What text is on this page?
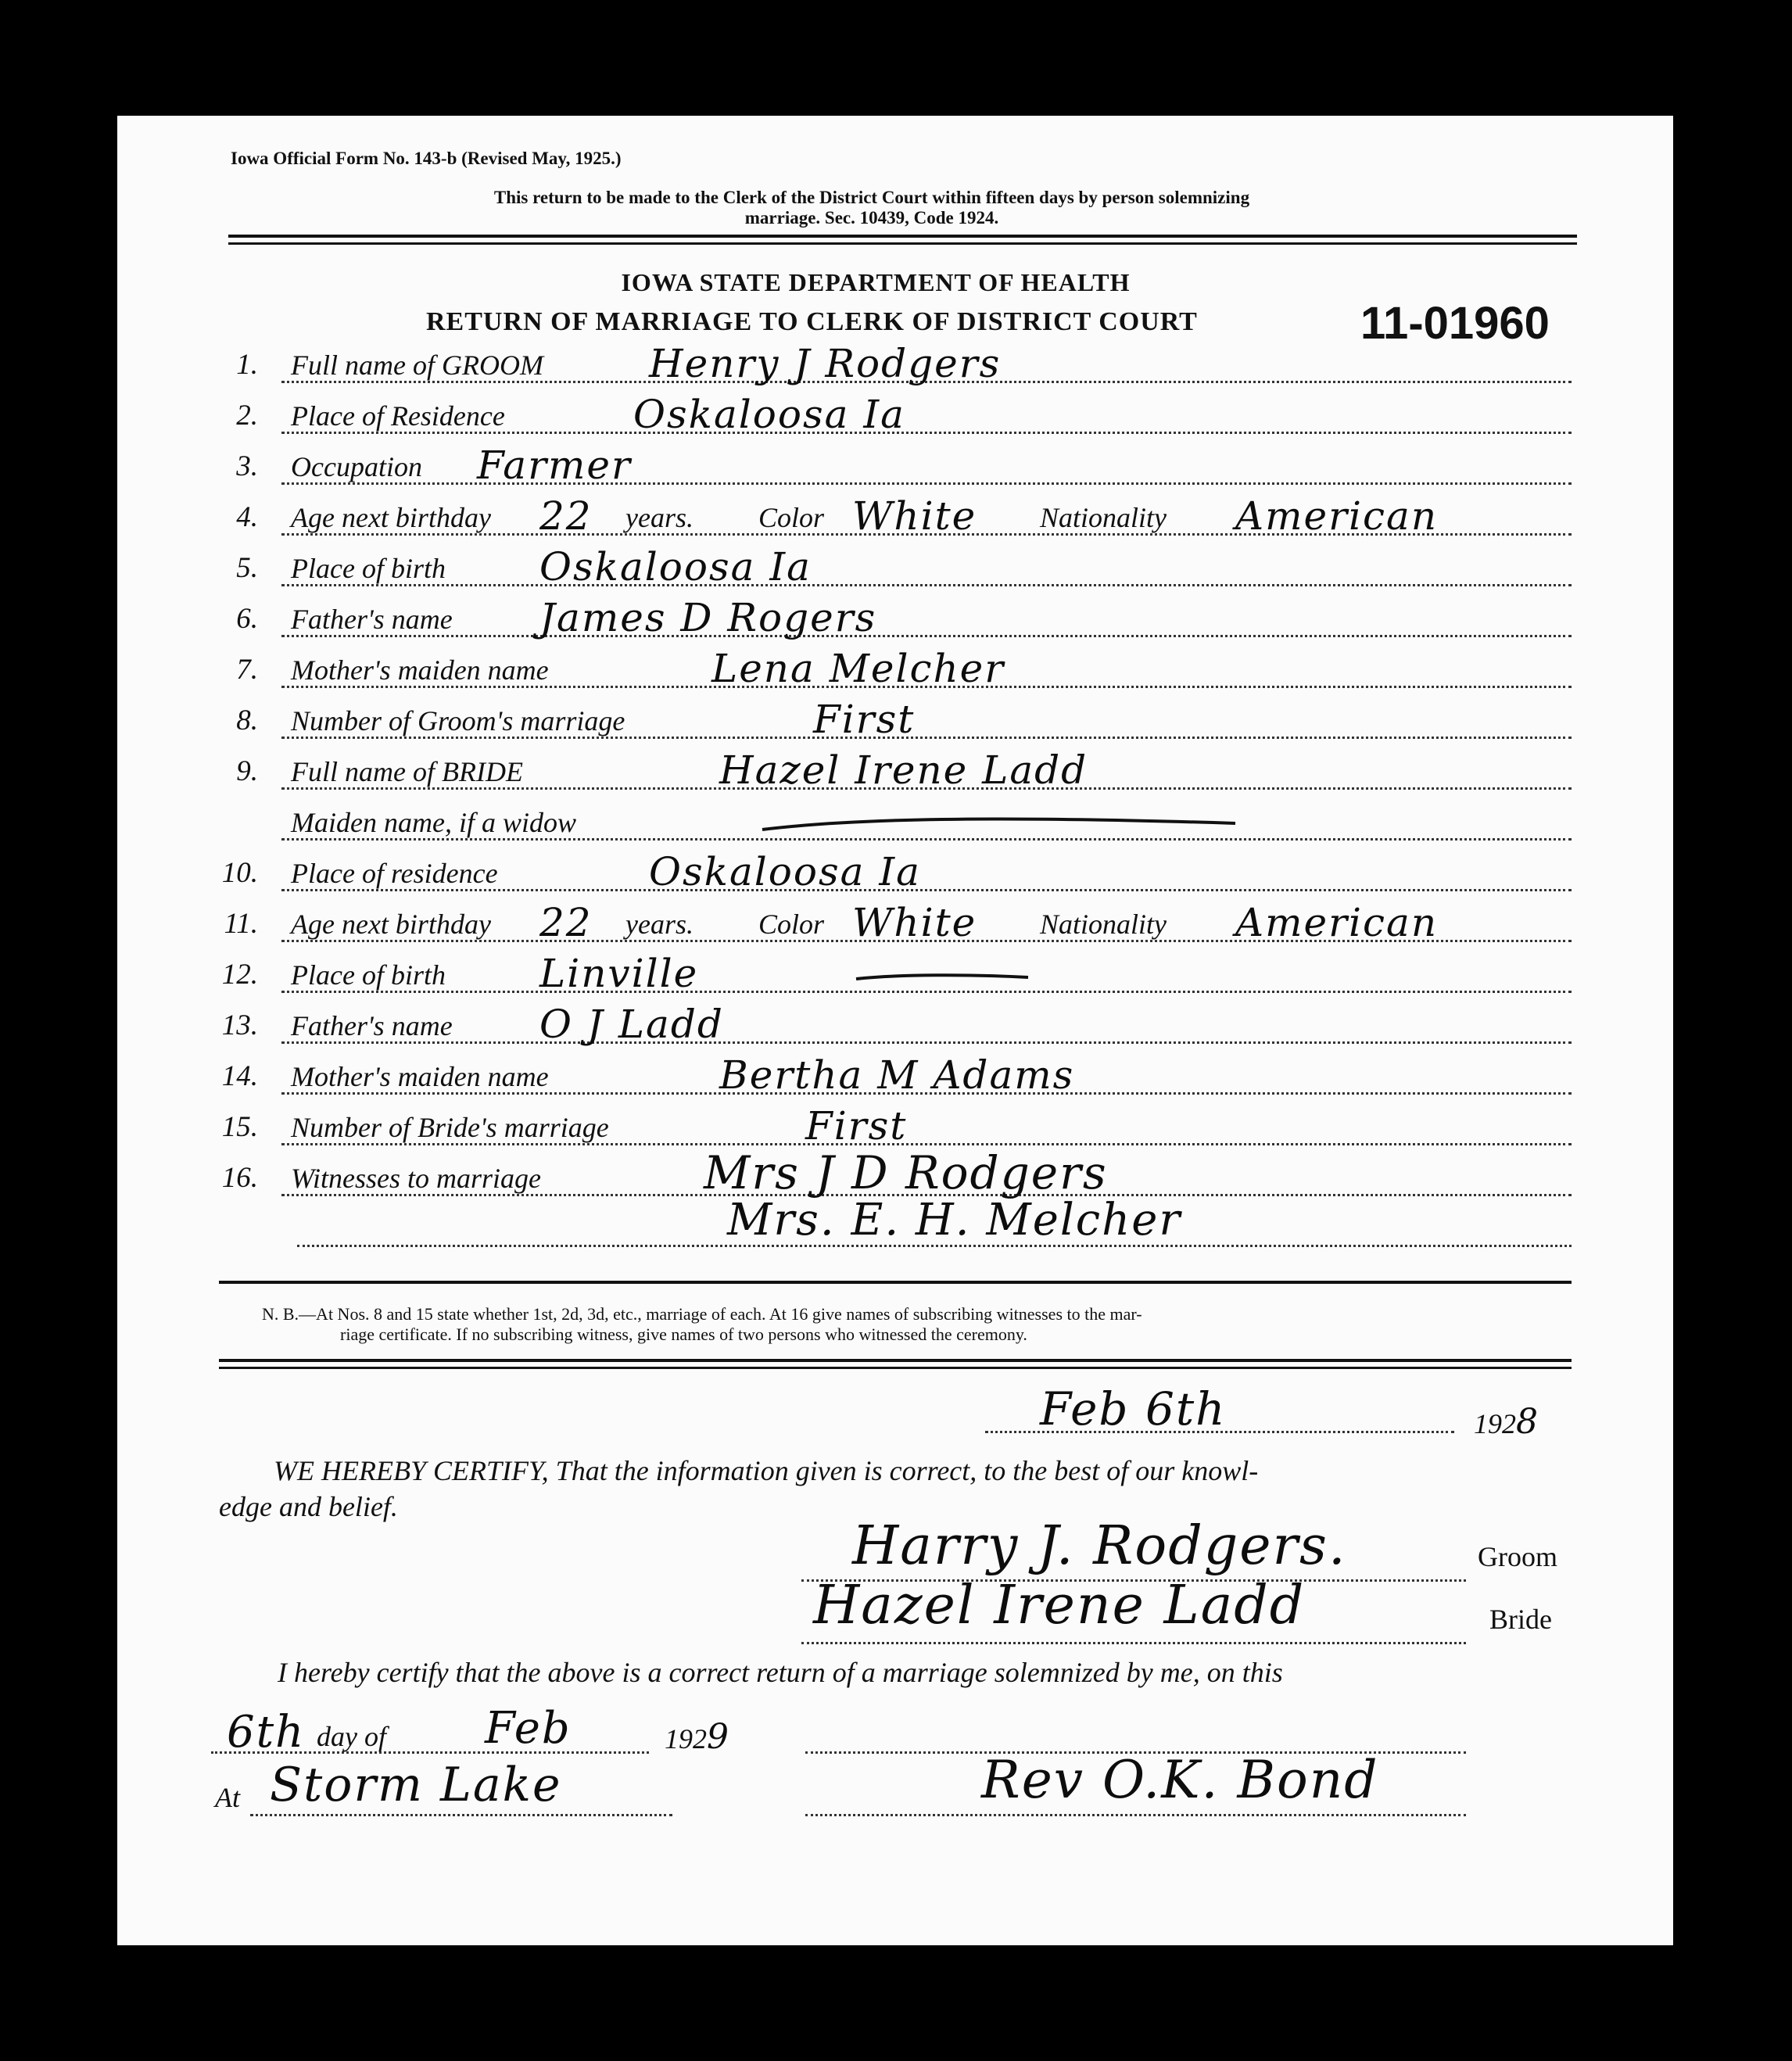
Iowa Official Form No. 143-b (Revised May, 1925.)
This return to be made to the Clerk of the District Court within fifteen days by person solemnizing
marriage. Sec. 10439, Code 1924.
IOWA STATE DEPARTMENT OF HEALTH
RETURN OF MARRIAGE TO CLERK OF DISTRICT COURT	11-01960
1. Full name of GROOM	Henry J Rodgers
2. Place of Residence	Oskaloosa Ia
3. Occupation Farmer
4. Age next birthday 22 years. Color White Nationality American
5. Place of birth Oskaloosa Ia
6. Father's name James D Rogers
7. Mother's maiden name	Lena Melcher
8. Number of Groom's marriage	First
9. Full name of BRIDE	Hazel Irene Ladd
Maiden name, if a widow
10. Place of residence	Oskaloosa Ia
11. Age next birthday 22 years. Color White Nationality American
12. Place of birth Linville
13. Father's name O J Ladd
14. Mother's maiden name	Bertha M Adams
15. Number of Bride's marriage	First
16. Witnesses to marriage	Mrs J D Rodgers
Mrs. E. H. Melcher
N. B.—At Nos. 8 and 15 state whether 1st, 2d, 3d, etc., marriage of each. At 16 give names of subscribing witnesses to the mar-
riage certificate. If no subscribing witness, give names of two persons who witnessed the ceremony.
Feb 6th	1928
WE HEREBY CERTIFY, That the information given is correct, to the best of our knowl-
edge and belief.
Harry J. Rodgers.	Groom
Hazel Irene Ladd	Bride
I hereby certify that the above is a correct return of a marriage solemnized by me, on this
6th day of Feb	1929
At Storm Lake	Rev O.K. Bond
